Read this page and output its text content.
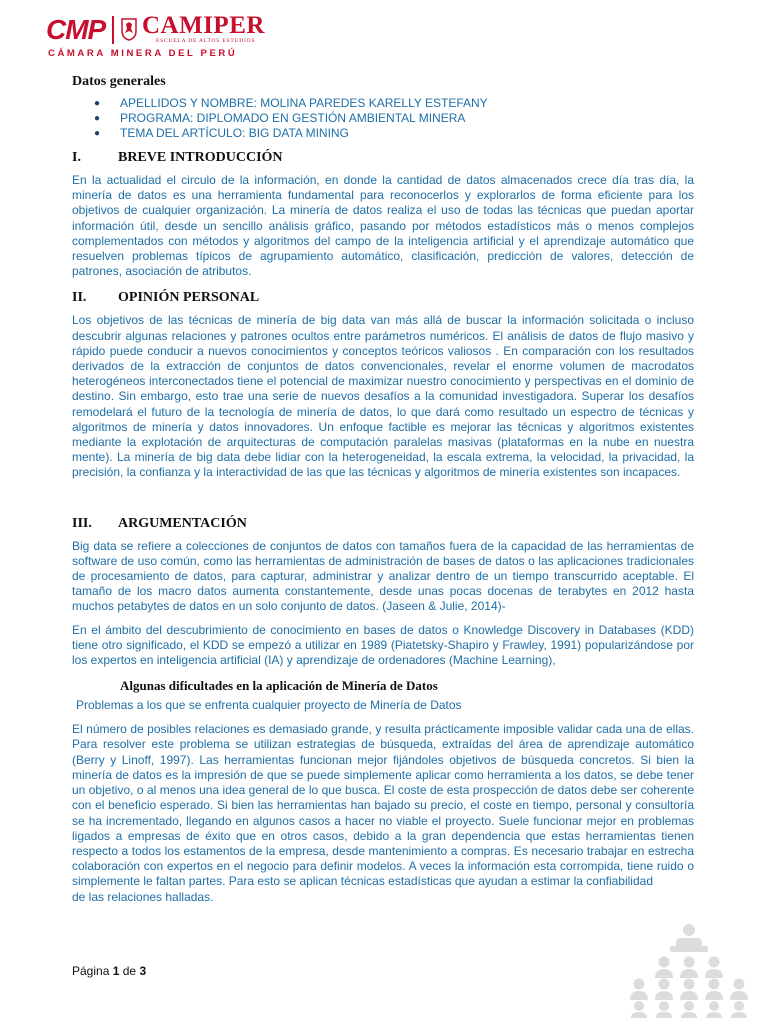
CMP CAMIPER
ESCUELA DE ALTOS ESTUDIOS
CÁMARA MINERA DEL PERÚ

Datos generales

● APELLIDOS Y NOMBRE: MOLINA PAREDES KARELLY ESTEFANY
● PROGRAMA: DIPLOMADO EN GESTIÓN AMBIENTAL MINERA
● TEMA DEL ARTÍCULO: BIG DATA MINING
I.	BREVE INTRODUCCIÓN

En la actualidad el circulo de la información, en donde la cantidad de datos almacenados crece día tras día, la minería de datos es una herramienta fundamental para reconocerlos y explorarlos de forma eficiente para los objetivos de cualquier organización. La minería de datos realiza el uso de todas las técnicas que puedan aportar información útil, desde un sencillo análisis gráfico, pasando por métodos estadísticos más o menos complejos complementados con métodos y algoritmos del campo de la inteligencia artificial y el aprendizaje automático que resuelven problemas típicos de agrupamiento automático, clasificación, predicción de valores, detección de patrones, asociación de atributos.

II.	OPINIÓN PERSONAL

Los objetivos de las técnicas de minería de big data van más allá de buscar la información solicitada o incluso descubrir algunas relaciones y patrones ocultos entre parámetros numéricos. El análisis de datos de flujo masivo y rápido puede conducir a nuevos conocimientos y conceptos teóricos valiosos . En comparación con los resultados derivados de la extracción de conjuntos de datos convencionales, revelar el enorme volumen de macrodatos heterogéneos interconectados tiene el potencial de maximizar nuestro conocimiento y perspectivas en el dominio de destino. Sin embargo, esto trae una serie de nuevos desafíos a la comunidad investigadora. Superar los desafíos remodelará el futuro de la tecnología de minería de datos, lo que dará como resultado un espectro de técnicas y algoritmos de minería y datos innovadores. Un enfoque factible es mejorar las técnicas y algoritmos existentes mediante la explotación de arquitecturas de computación paralelas masivas (plataformas en la nube en nuestra mente). La minería de big data debe lidiar con la heterogeneidad, la escala extrema, la velocidad, la privacidad, la precisión, la confianza y la interactividad de las que las técnicas y algoritmos de minería existentes son incapaces.

III.	ARGUMENTACIÓN

Big data se refiere a colecciones de conjuntos de datos con tamaños fuera de la capacidad de las herramientas de software de uso común, como las herramientas de administración de bases de datos o las aplicaciones tradicionales de procesamiento de datos, para capturar, administrar y analizar dentro de un tiempo transcurrido aceptable. El tamaño de los macro datos aumenta constantemente, desde unas pocas docenas de terabytes en 2012 hasta muchos petabytes de datos en un solo conjunto de datos. (Jaseen & Julie, 2014)-

En el ámbito del descubrimiento de conocimiento en bases de datos o Knowledge Discovery in Databases (KDD) tiene otro significado, el KDD se empezó a utilizar en 1989 (Piatetsky-Shapiro y Frawley, 1991) popularizándose por los expertos en inteligencia artificial (IA) y aprendizaje de ordenadores (Machine Learning),

Algunas dificultades en la aplicación de Minería de Datos

Problemas a los que se enfrenta cualquier proyecto de Minería de Datos

El número de posibles relaciones es demasiado grande, y resulta prácticamente imposible validar cada una de ellas. Para resolver este problema se utilizan estrategias de búsqueda, extraídas del área de aprendizaje automático (Berry y Linoff, 1997). Las herramientas funcionan mejor fijándoles objetivos de búsqueda concretos. Si bien la minería de datos es la impresión de que se puede simplemente aplicar como herramienta a los datos, se debe tener un objetivo, o al menos una idea general de lo que busca. El coste de esta prospección de datos debe ser coherente con el beneficio esperado. Si bien las herramientas han bajado su precio, el coste en tiempo, personal y consultoría se ha incrementado, llegando en algunos casos a hacer no viable el proyecto. Suele funcionar mejor en problemas ligados a empresas de éxito que en otros casos, debido a la gran dependencia que estas herramientas tienen respecto a todos los estamentos de la empresa, desde mantenimiento a compras. Es necesario trabajar en estrecha colaboración con expertos en el negocio para definir modelos. A veces la información esta corrompida, tiene ruido o simplemente le faltan partes. Para esto se aplican técnicas estadísticas que ayudan a estimar la confiabilidad

de las relaciones halladas.

Página 1 de 3
